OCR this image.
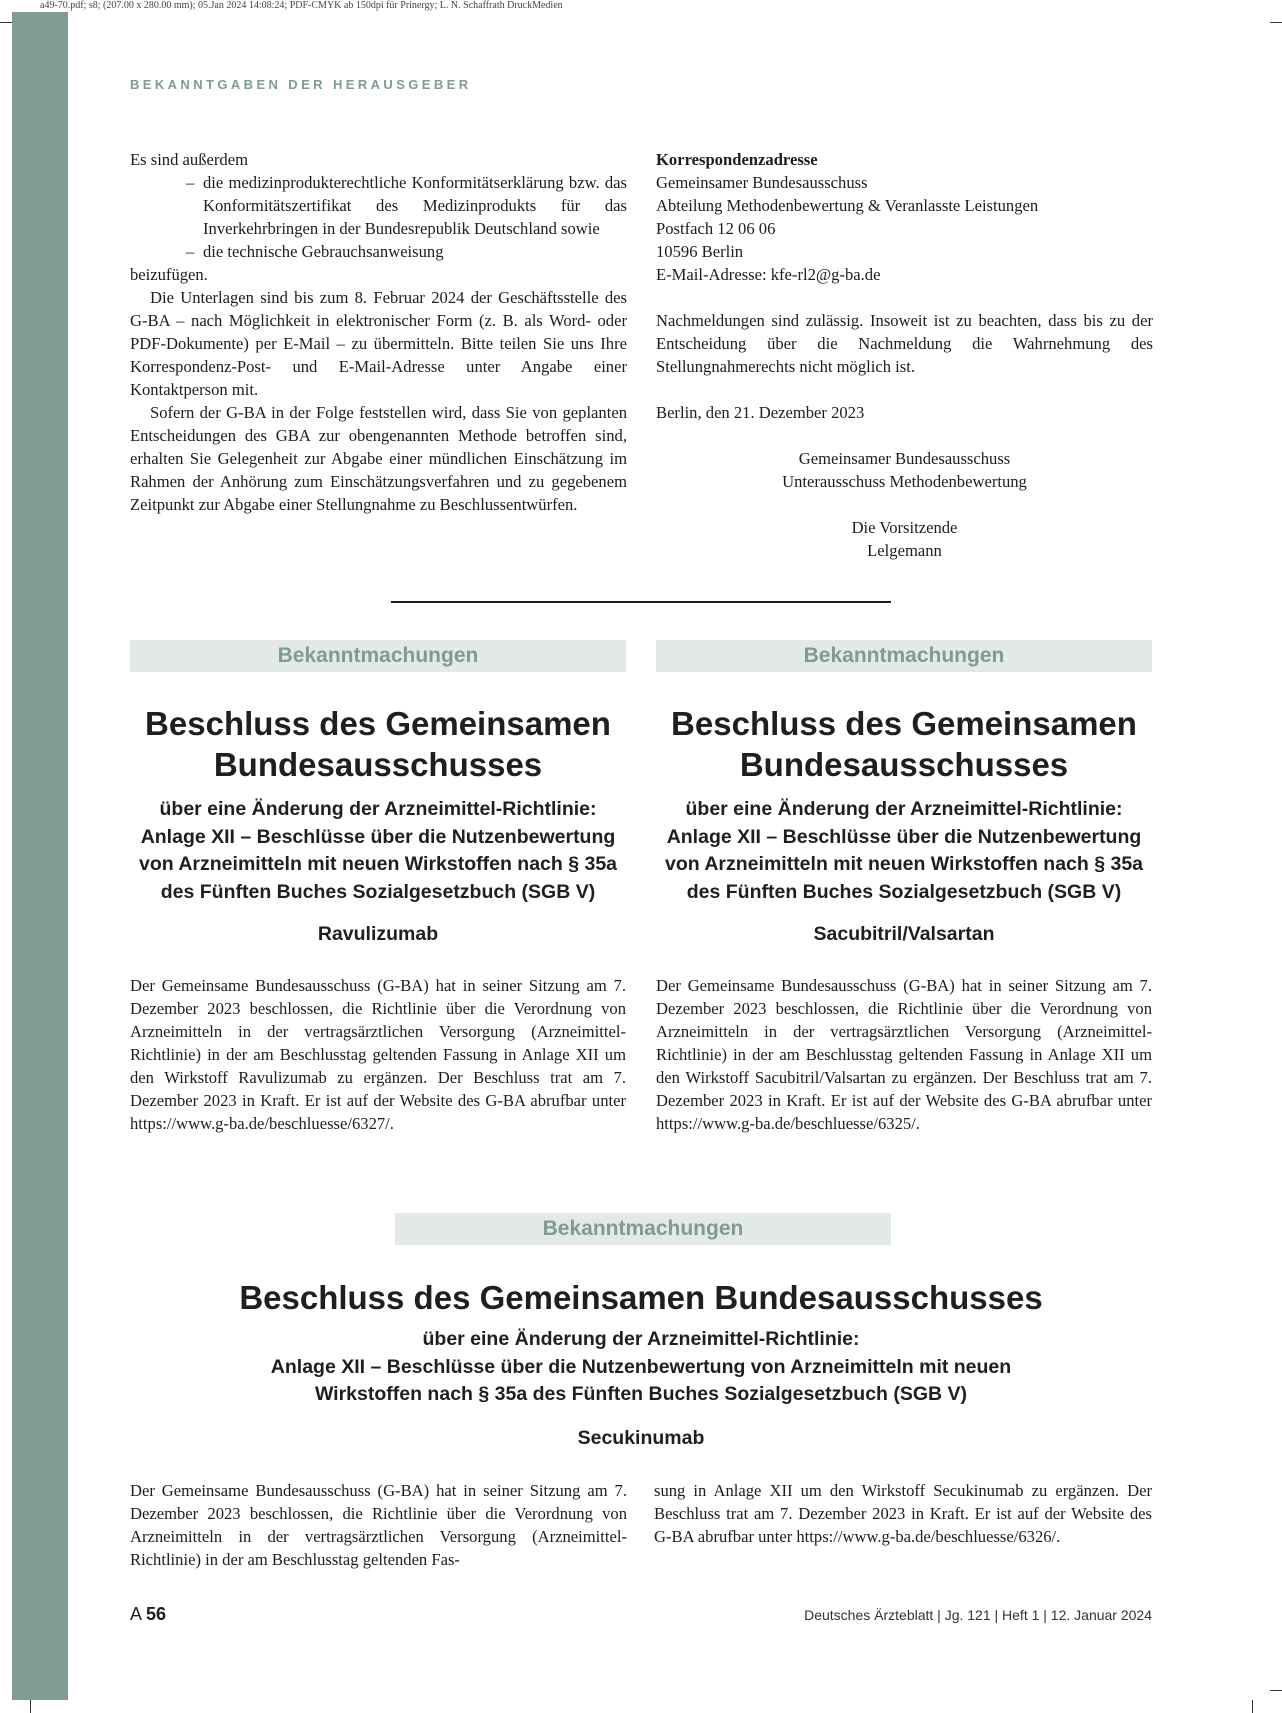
a49-70.pdf; s8; (207.00 x 280.00 mm); 05.Jan 2024 14:08:24; PDF-CMYK ab 150dpi für Prinergy; L. N. Schaffrath DruckMedien
BEKANNTGABEN DER HERAUSGEBER

Es sind außerdem

– die medizinprodukterechtliche Konformitätserklärung bzw. das Konformitätszertifikat des Medizinprodukts für das Inverkehrbringen in der Bundesrepublik Deutschland sowie
– die technische Gebrauchsanweisung

beizufügen.

Die Unterlagen sind bis zum 8. Februar 2024 der Geschäftsstelle des G-BA – nach Möglichkeit in elektronischer Form (z. B. als Word- oder PDF-Dokumente) per E-Mail – zu übermitteln. Bitte teilen Sie uns Ihre Korrespondenz-Post- und E-Mail-Adresse unter Angabe einer Kontaktperson mit.

Sofern der G-BA in der Folge feststellen wird, dass Sie von geplanten Entscheidungen des GBA zur obengenannten Methode betroffen sind, erhalten Sie Gelegenheit zur Abgabe einer mündlichen Einschätzung im Rahmen der Anhörung zum Einschätzungsverfahren und zu gegebenem Zeitpunkt zur Abgabe einer Stellungnahme zu Beschlussentwürfen.

Korrespondenzadresse

Gemeinsamer Bundesausschuss

Abteilung Methodenbewertung & Veranlasste Leistungen

Postfach 12 06 06

10596 Berlin

E-Mail-Adresse: kfe-rl2@g-ba.de

Nachmeldungen sind zulässig. Insoweit ist zu beachten, dass bis zu der Entscheidung über die Nachmeldung die Wahrnehmung des Stellungnahmerechts nicht möglich ist.

Berlin, den 21. Dezember 2023

Gemeinsamer Bundesausschuss

Unterausschuss Methodenbewertung

Die Vorsitzende

Lelgemann

Bekanntmachungen
Beschluss des Gemeinsamen
Bundesausschusses
über eine Änderung der Arzneimittel-Richtlinie:
Anlage XII – Beschlüsse über die Nutzenbewertung
von Arzneimitteln mit neuen Wirkstoffen nach § 35a
des Fünften Buches Sozialgesetzbuch (SGB V)
Ravulizumab
Der Gemeinsame Bundesausschuss (G-BA) hat in seiner Sitzung am 7. Dezember 2023 beschlossen, die Richtlinie über die Verordnung von Arzneimitteln in der vertragsärztlichen Versorgung (Arzneimittel-Richtlinie) in der am Beschlusstag geltenden Fassung in Anlage XII um den Wirkstoff Ravulizumab zu ergänzen. Der Beschluss trat am 7. Dezember 2023 in Kraft. Er ist auf der Website des G-BA abrufbar unter https://www.g-ba.de/beschluesse/6327/.
Bekanntmachungen
Beschluss des Gemeinsamen
Bundesausschusses
über eine Änderung der Arzneimittel-Richtlinie:
Anlage XII – Beschlüsse über die Nutzenbewertung
von Arzneimitteln mit neuen Wirkstoffen nach § 35a
des Fünften Buches Sozialgesetzbuch (SGB V)
Sacubitril/Valsartan
Der Gemeinsame Bundesausschuss (G-BA) hat in seiner Sitzung am 7. Dezember 2023 beschlossen, die Richtlinie über die Verordnung von Arzneimitteln in der vertragsärztlichen Versorgung (Arzneimittel-Richtlinie) in der am Beschlusstag geltenden Fassung in Anlage XII um den Wirkstoff Sacubitril/Valsartan zu ergänzen. Der Beschluss trat am 7. Dezember 2023 in Kraft. Er ist auf der Website des G-BA abrufbar unter https://www.g-ba.de/beschluesse/6325/.
Bekanntmachungen
Beschluss des Gemeinsamen Bundesausschusses
über eine Änderung der Arzneimittel-Richtlinie:
Anlage XII – Beschlüsse über die Nutzenbewertung von Arzneimitteln mit neuen
Wirkstoffen nach § 35a des Fünften Buches Sozialgesetzbuch (SGB V)
Secukinumab
Der Gemeinsame Bundesausschuss (G-BA) hat in seiner Sitzung am 7. Dezember 2023 beschlossen, die Richtlinie über die Verordnung von Arzneimitteln in der vertragsärztlichen Versorgung (Arzneimittel-Richtlinie) in der am Beschlusstag geltenden Fas-
sung in Anlage XII um den Wirkstoff Secukinumab zu ergänzen. Der Beschluss trat am 7. Dezember 2023 in Kraft. Er ist auf der Website des G-BA abrufbar unter https://www.g-ba.de/beschluesse/6326/.
A 56	Deutsches Ärzteblatt | Jg. 121 | Heft 1 | 12. Januar 2024
